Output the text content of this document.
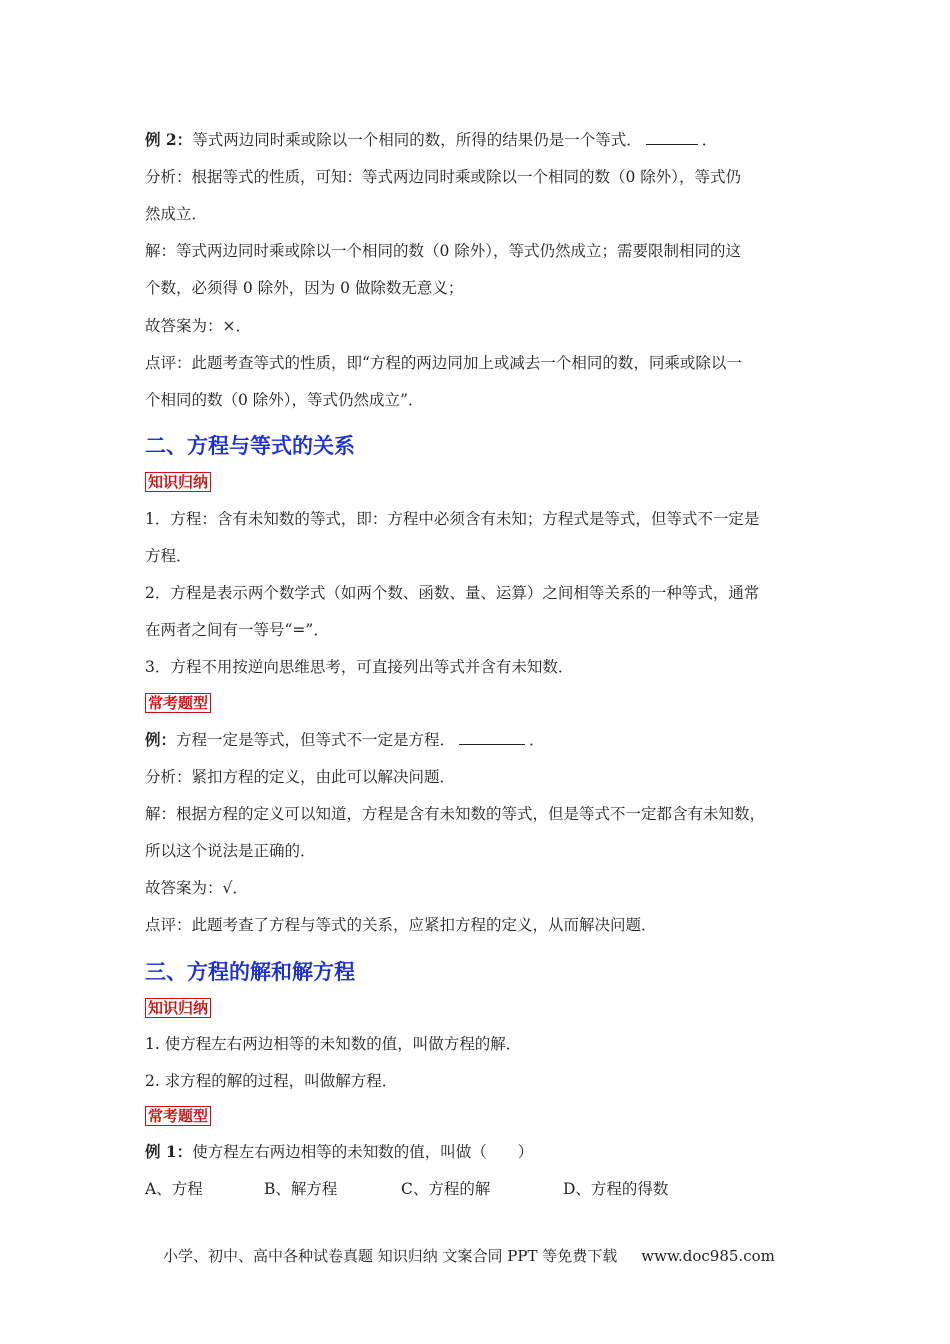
例 2：等式两边同时乘或除以一个相同的数，所得的结果仍是一个等式．	．
分析：根据等式的性质，可知：等式两边同时乘或除以一个相同的数（0 除外），等式仍
然成立．
解：等式两边同时乘或除以一个相同的数（0 除外），等式仍然成立；需要限制相同的这
个数，必须得 0 除外，因为 0 做除数无意义；
故答案为：×．
点评：此题考查等式的性质，即“方程的两边同加上或减去一个相同的数，同乘或除以一
个相同的数（0 除外），等式仍然成立”．
二、方程与等式的关系
知识归纳
1．方程：含有未知数的等式，即：方程中必须含有未知；方程式是等式，但等式不一定是
方程．
2．方程是表示两个数学式（如两个数、函数、量、运算）之间相等关系的一种等式，通常
在两者之间有一等号“=”．
3．方程不用按逆向思维思考，可直接列出等式并含有未知数．
常考题型
例：方程一定是等式，但等式不一定是方程．	．
分析：紧扣方程的定义，由此可以解决问题．
解：根据方程的定义可以知道，方程是含有未知数的等式，但是等式不一定都含有未知数，
所以这个说法是正确的．
故答案为：√．
点评：此题考查了方程与等式的关系，应紧扣方程的定义，从而解决问题．
三、方程的解和解方程
知识归纳
1. 使方程左右两边相等的未知数的值，叫做方程的解．
2. 求方程的解的过程，叫做解方程．
常考题型
例 1：使方程左右两边相等的未知数的值，叫做（　　）
A、方程	B、解方程	C、方程的解	D、方程的得数
小学、初中、高中各种试卷真题 知识归纳 文案合同 PPT 等免费下载 www.doc985.com
